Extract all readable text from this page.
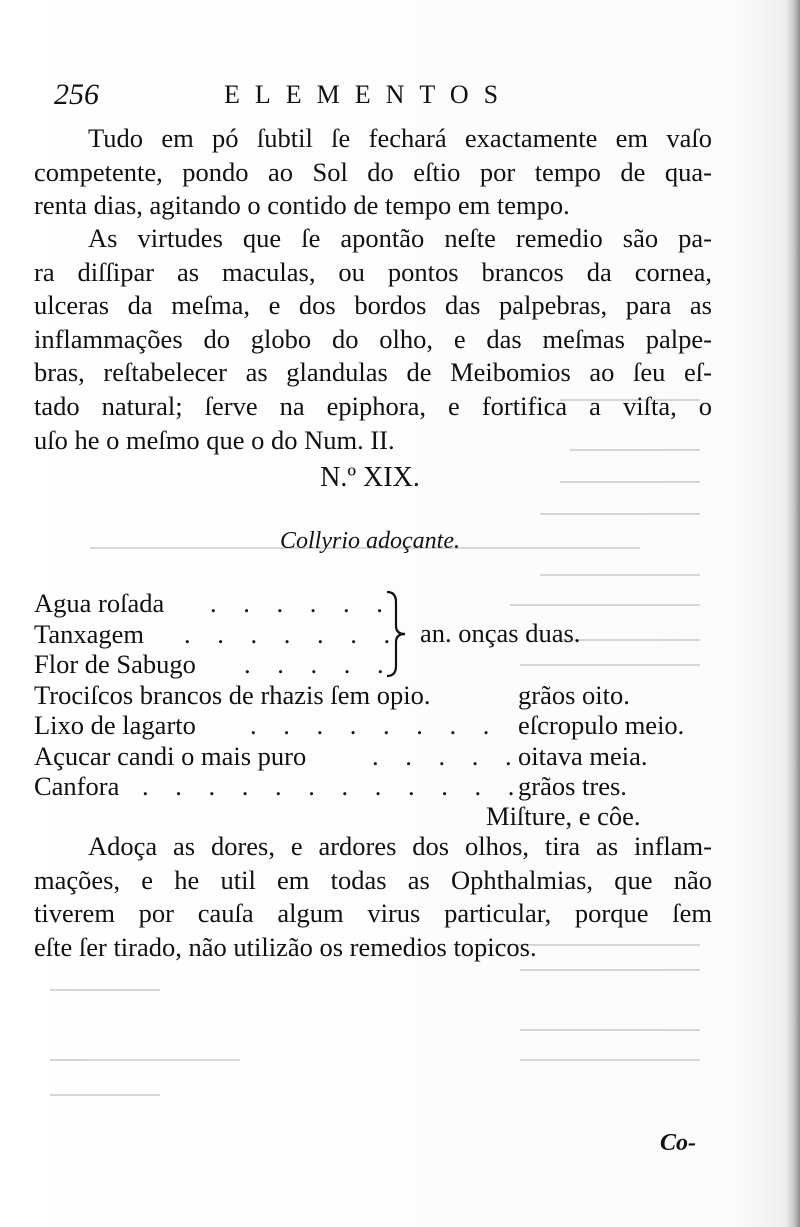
256	ELEMENTOS

Tudo em pó ſubtil ſe fechará exactamente em vaſo
competente, pondo ao Sol do eſtio por tempo de qua-
renta dias, agitando o contido de tempo em tempo.

As virtudes que ſe apontão neſte remedio são pa-
ra diſſipar as maculas, ou pontos brancos da cornea,
ulceras da meſma, e dos bordos das palpebras, para as
inflammações do globo do olho, e das meſmas palpe-
bras, reſtabelecer as glandulas de Meibomios ao ſeu eſ-
tado natural; ſerve na epiphora, e fortifica a viſta, o
uſo he o meſmo que o do Num. II.

N.º XIX.
Collyrio adoçante.
Agua roſada . . . . . .
Tanxagem . . . . . . .
Flor de Sabugo . . . . .
Trociſcos brancos de rhazis ſem opio.	grãos oito.
Lixo de lagarto . . . . . . . . eſcropulo meio.
Açucar candi o mais puro . . . . .
oitava meia.
Canfora . . . . . . . . . . . .
grãos tres.
an. onças duas.
Miſture, e côe.

Adoça as dores, e ardores dos olhos, tira as inflam-
mações, e he util em todas as Ophthalmias, que não
tiverem por cauſa algum virus particular, porque ſem
eſte ſer tirado, não utilizão os remedios topicos.

Co-
